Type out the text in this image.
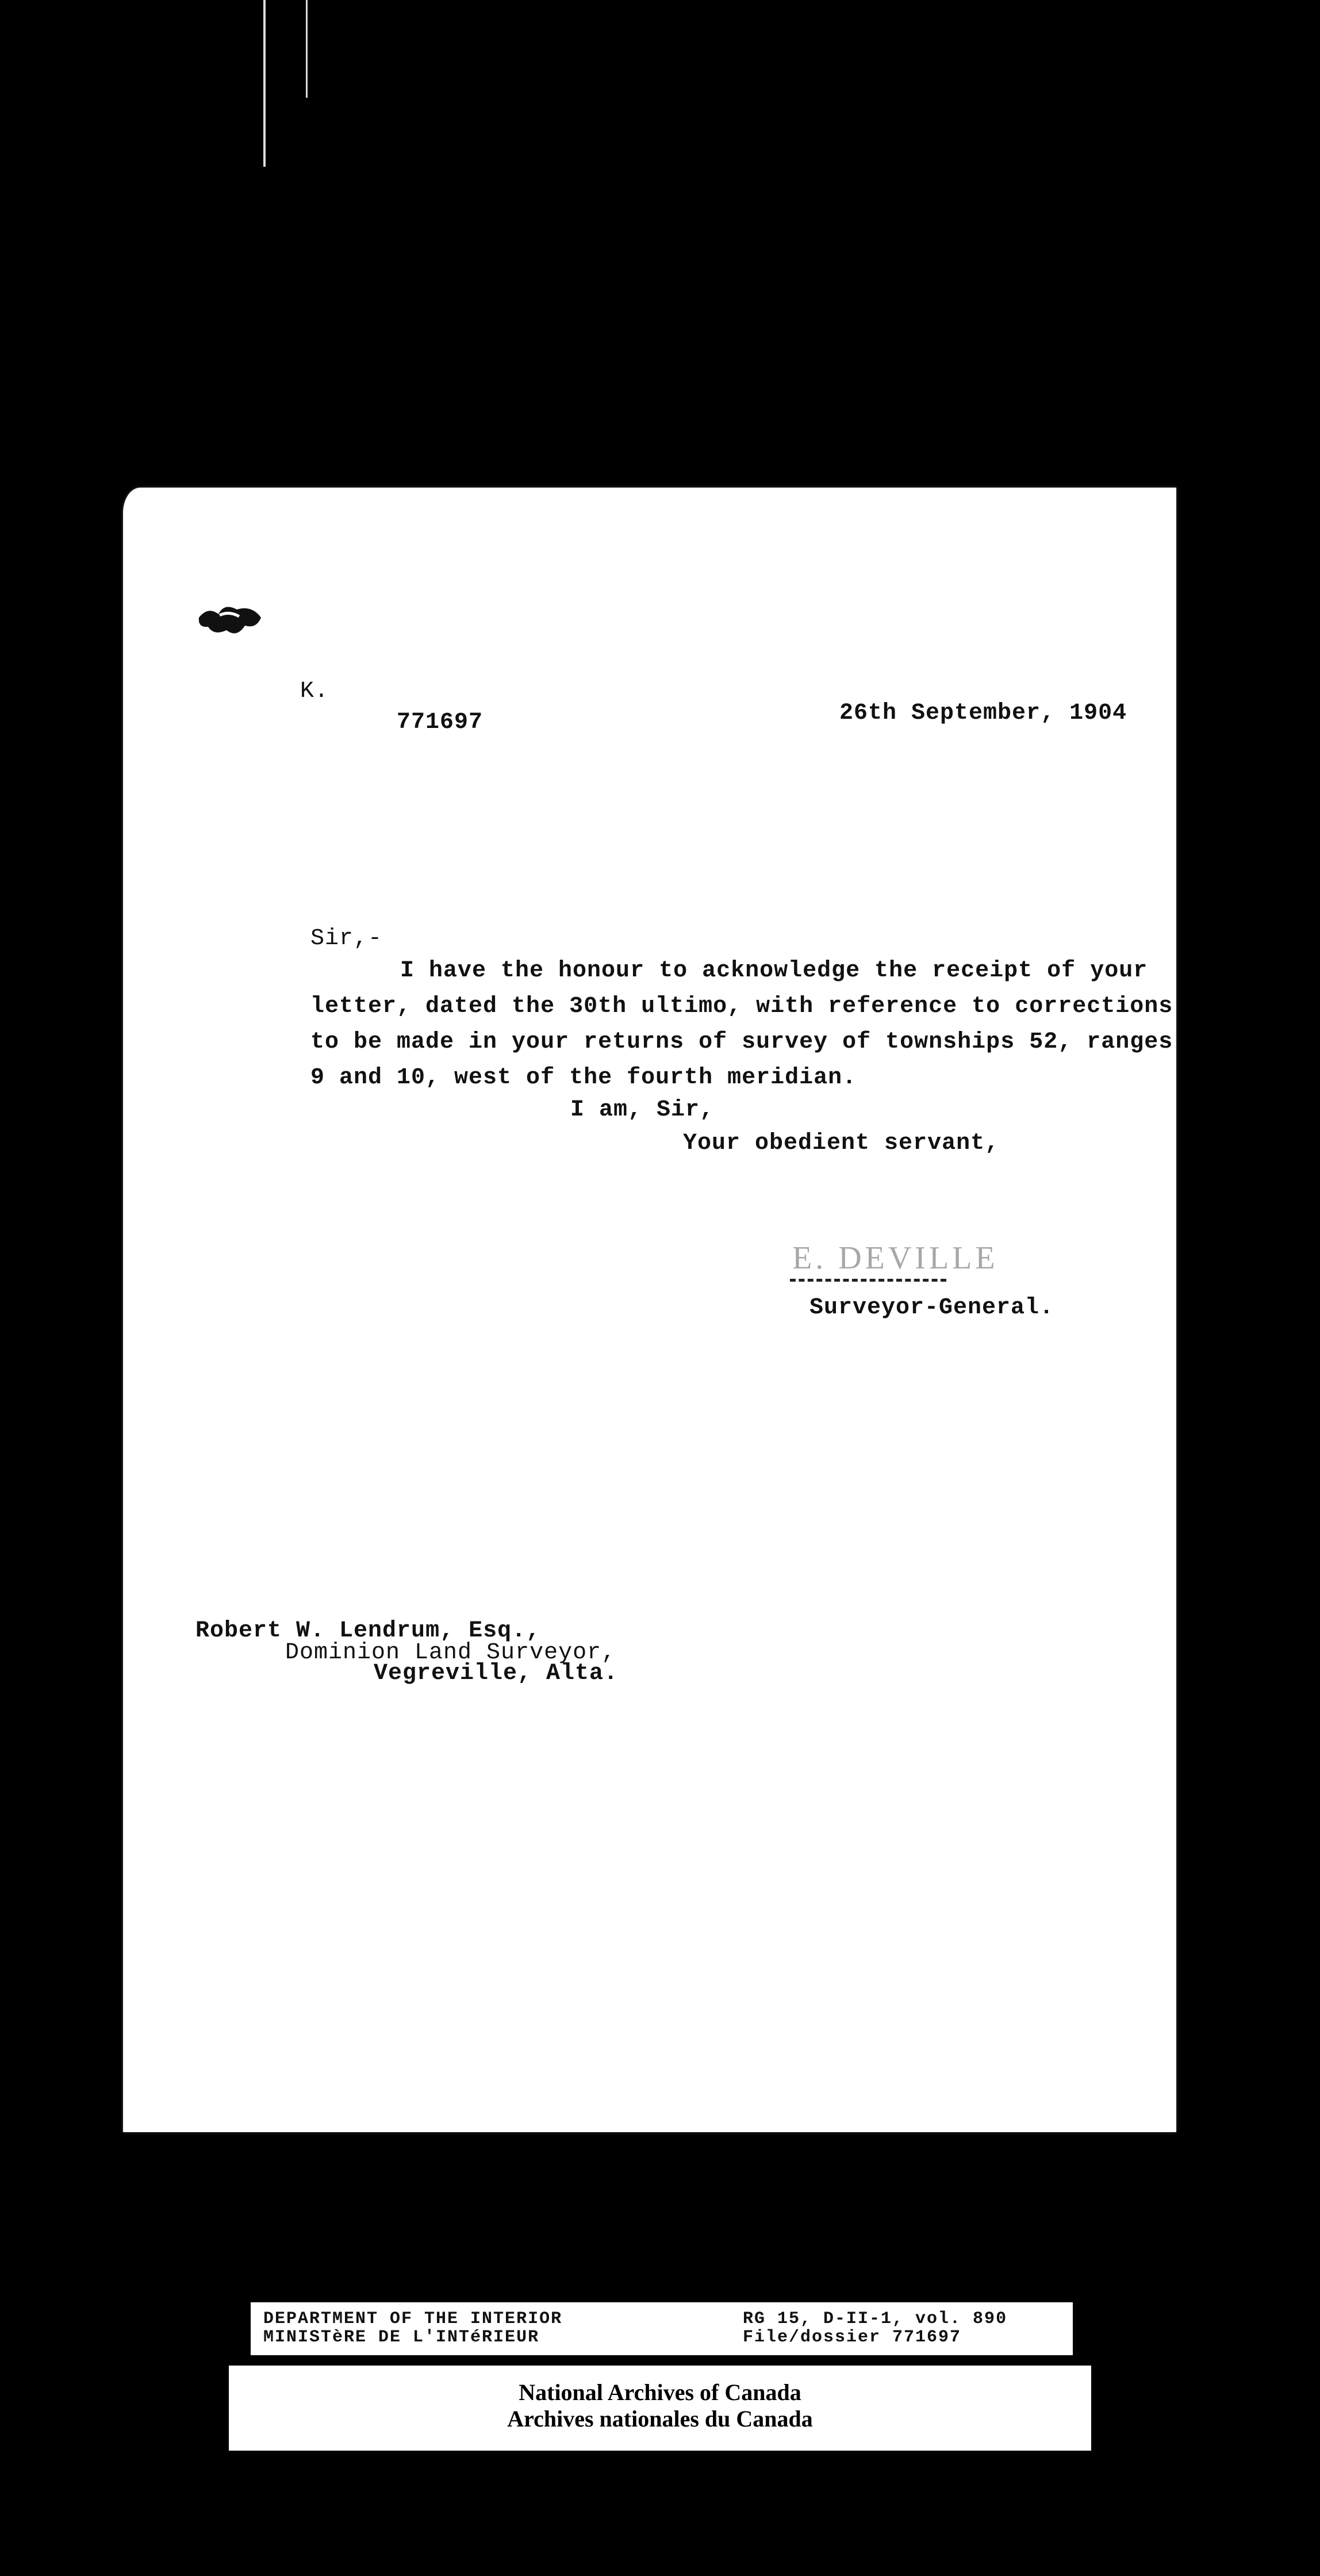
K.
771697	26th September, 1904
Sir,-
I have the honour to acknowledge the receipt of your
letter, dated the 30th ultimo, with reference to corrections
to be made in your returns of survey of townships 52, ranges
9 and 10, west of the fourth meridian.
I am, Sir,
Your obedient servant,
E. DEVILLE
Surveyor-General.
Robert W. Lendrum, Esq.,
Dominion Land Surveyor,
Vegreville, Alta.
DEPARTMENT OF THE INTERIOR
MINISTèRE DE L'INTéRIEUR
RG 15, D-II-1, vol. 890
File/dossier 771697
National Archives of Canada
Archives nationales du Canada
